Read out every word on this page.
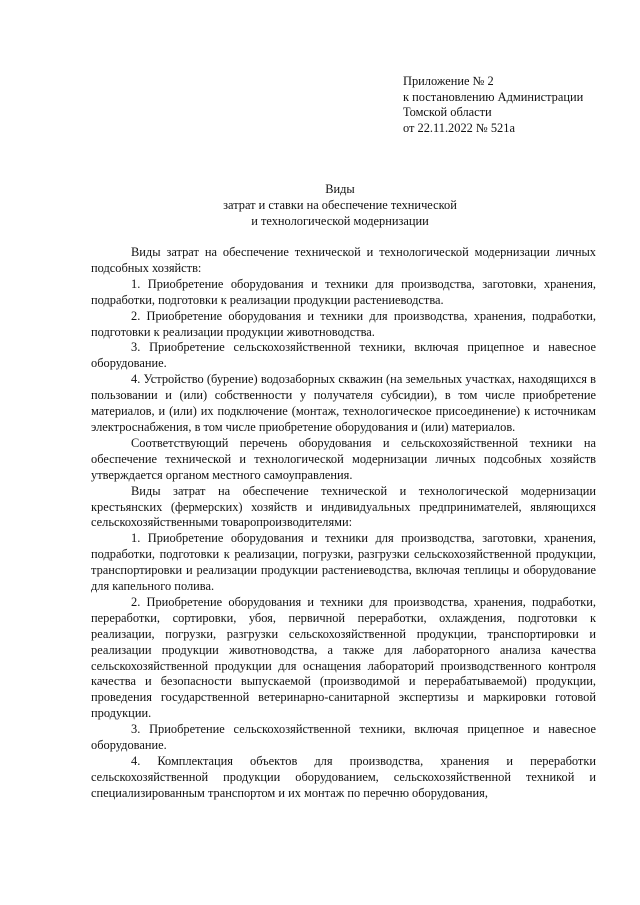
Приложение № 2
к постановлению Администрации
Томской области
от 22.11.2022 № 521а
Виды
затрат и ставки на обеспечение технической
и технологической модернизации

Виды затрат на обеспечение технической и технологической модернизации личных подсобных хозяйств:

1. Приобретение оборудования и техники для производства, заготовки, хранения, подработки, подготовки к реализации продукции растениеводства.

2. Приобретение оборудования и техники для производства, хранения, подработки, подготовки к реализации продукции животноводства.

3. Приобретение сельскохозяйственной техники, включая прицепное и навесное оборудование.

4. Устройство (бурение) водозаборных скважин (на земельных участках, находящихся в пользовании и (или) собственности у получателя субсидии), в том числе приобретение материалов, и (или) их подключение (монтаж, технологическое присоединение) к источникам электроснабжения, в том числе приобретение оборудования и (или) материалов.

Соответствующий перечень оборудования и сельскохозяйственной техники на обеспечение технической и технологической модернизации личных подсобных хозяйств утверждается органом местного самоуправления.

Виды затрат на обеспечение технической и технологической модернизации крестьянских (фермерских) хозяйств и индивидуальных предпринимателей, являющихся сельскохозяйственными товаропроизводителями:

1. Приобретение оборудования и техники для производства, заготовки, хранения, подработки, подготовки к реализации, погрузки, разгрузки сельскохозяйственной продукции, транспортировки и реализации продукции растениеводства, включая теплицы и оборудование для капельного полива.

2. Приобретение оборудования и техники для производства, хранения, подработки, переработки, сортировки, убоя, первичной переработки, охлаждения, подготовки к реализации, погрузки, разгрузки сельскохозяйственной продукции, транспортировки и реализации продукции животноводства, а также для лабораторного анализа качества сельскохозяйственной продукции для оснащения лабораторий производственного контроля качества и безопасности выпускаемой (производимой и перерабатываемой) продукции, проведения государственной ветеринарно-санитарной экспертизы и маркировки готовой продукции.

3. Приобретение сельскохозяйственной техники, включая прицепное и навесное оборудование.

4. Комплектация объектов для производства, хранения и переработки сельскохозяйственной продукции оборудованием, сельскохозяйственной техникой и специализированным транспортом и их монтаж по перечню оборудования,
